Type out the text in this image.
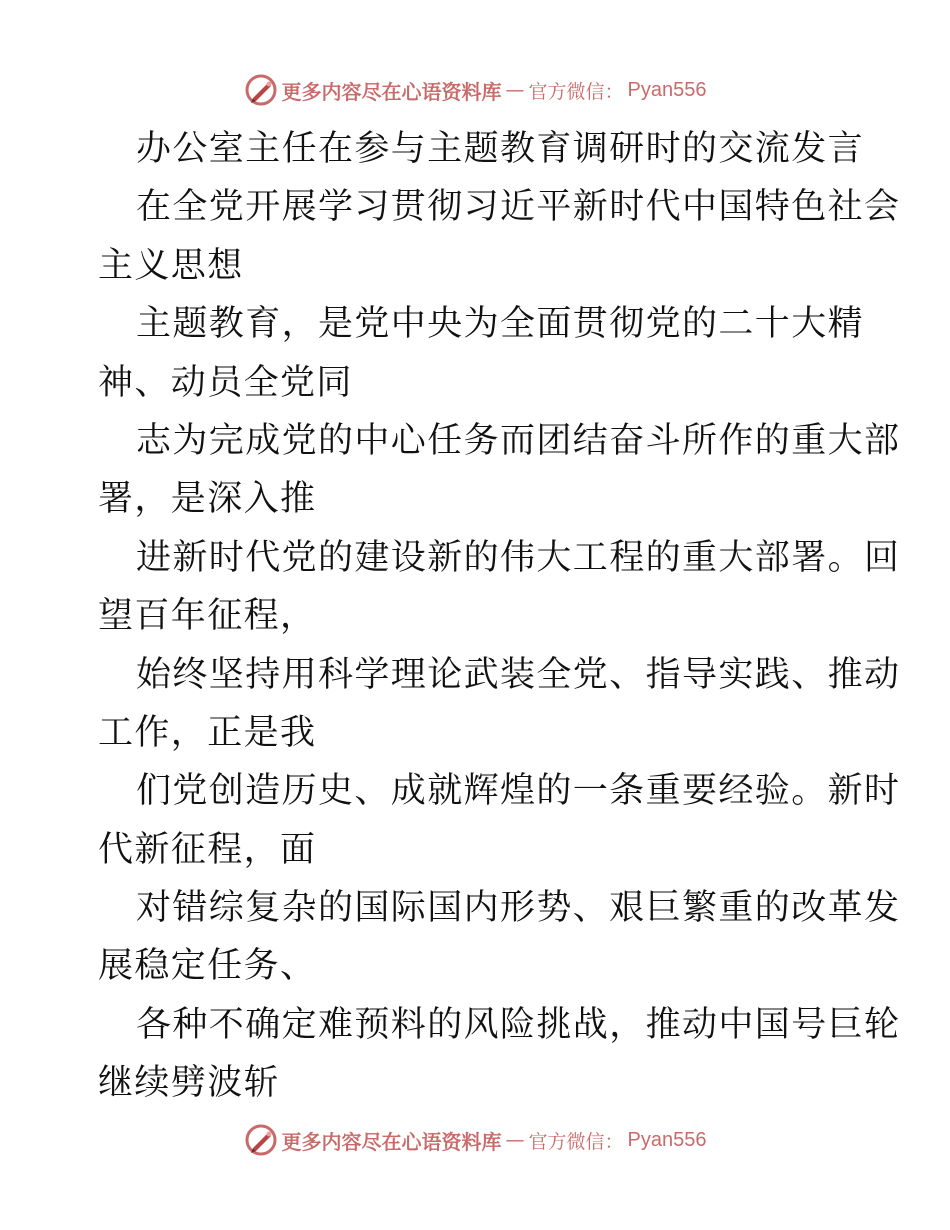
更多内容尽在心语资料库 — 官方微信： Pyan556
办公室主任在参与主题教育调研时的交流发言
在全党开展学习贯彻习近平新时代中国特色社会
主义思想
主题教育，是党中央为全面贯彻党的二十大精
神、动员全党同
志为完成党的中心任务而团结奋斗所作的重大部
署，是深入推
进新时代党的建设新的伟大工程的重大部署。回
望百年征程，
始终坚持用科学理论武装全党、指导实践、推动
工作，正是我
们党创造历史、成就辉煌的一条重要经验。新时
代新征程，面
对错综复杂的国际国内形势、艰巨繁重的改革发
展稳定任务、
各种不确定难预料的风险挑战，推动中国号巨轮
继续劈波斩
更多内容尽在心语资料库 — 官方微信： Pyan556
